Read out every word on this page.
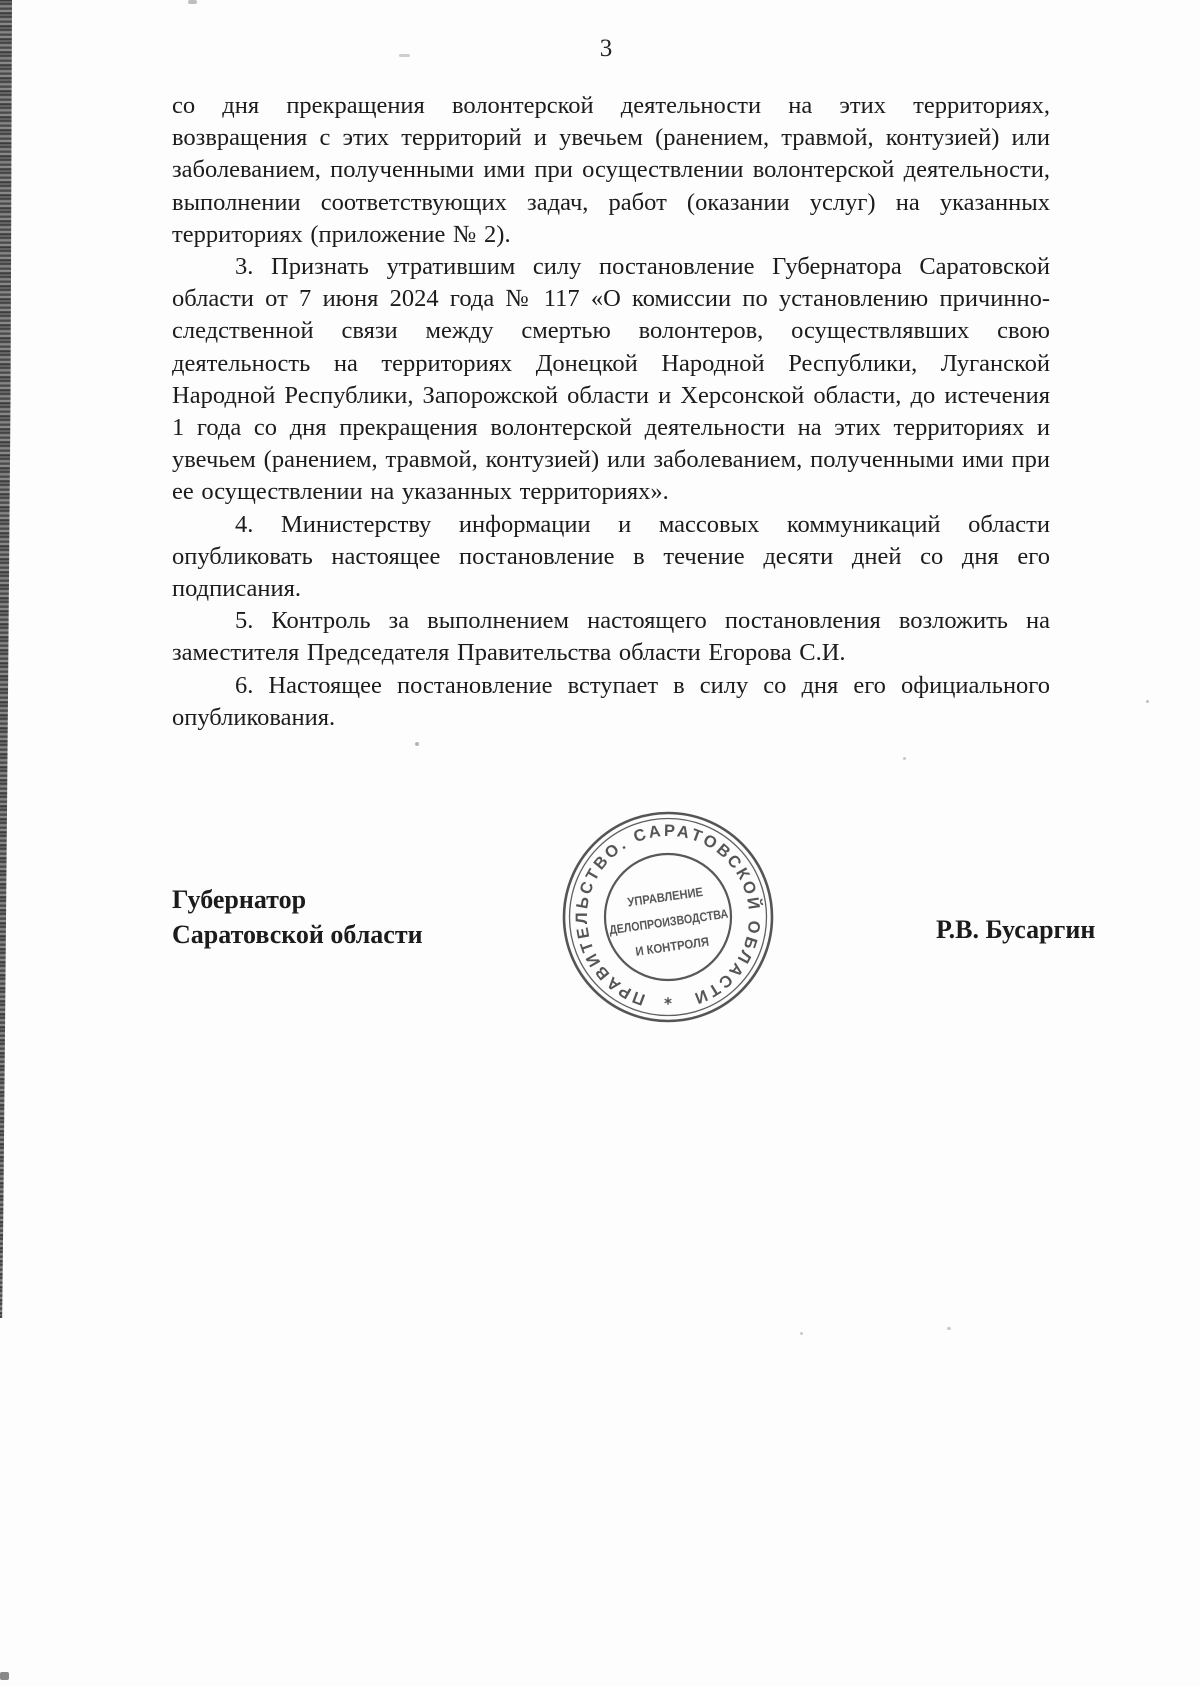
3

со дня прекращения волонтерской деятельности на этих территориях, возвращения с этих территорий и увечьем (ранением, травмой, контузией) или заболеванием, полученными ими при осуществлении волонтерской деятельности, выполнении соответствующих задач, работ (оказании услуг) на указанных территориях (приложение № 2).

3. Признать утратившим силу постановление Губернатора Саратовской области от 7 июня 2024 года № 117 «О комиссии по установлению причинно-следственной связи между смертью волонтеров, осуществлявших свою деятельность на территориях Донецкой Народной Республики, Луганской Народной Республики, Запорожской области и Херсонской области, до истечения 1 года со дня прекращения волонтерской деятельности на этих территориях и увечьем (ранением, травмой, контузией) или заболеванием, полученными ими при ее осуществлении на указанных территориях».

4. Министерству информации и массовых коммуникаций области опубликовать настоящее постановление в течение десяти дней со дня его подписания.

5. Контроль за выполнением настоящего постановления возложить на заместителя Председателя Правительства области Егорова С.И.

6. Настоящее постановление вступает в силу со дня его официального опубликования.

Губернатор
Саратовской области	Р.В. Бусаргин
ПРАВИТЕЛЬСТВО. САРАТОВСКОЙ ОБЛАСТИ
⁎
УПРАВЛЕНИЕ
ДЕЛОПРОИЗВОДСТВА
И КОНТРОЛЯ
